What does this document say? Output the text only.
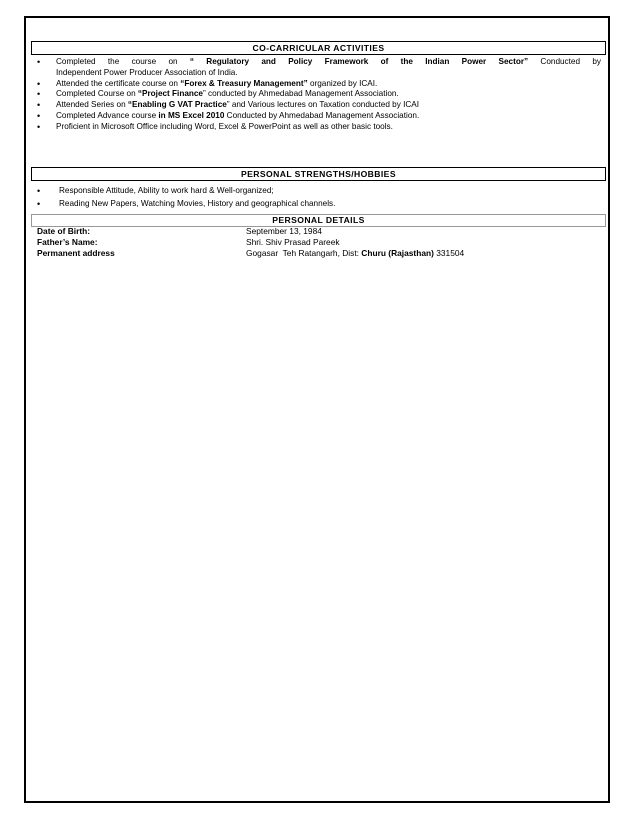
CO-CARRICULAR ACTIVITIES
• Completed the course on “ Regulatory and Policy Framework of the Indian Power Sector” Conducted by
Independent Power Producer Association of India.
• Attended the certificate course on “Forex & Treasury Management” organized by ICAI.
• Completed Course on “Project Finance” conducted by Ahmedabad Management Association.
• Attended Series on “Enabling G VAT Practice” and Various lectures on Taxation conducted by ICAI
• Completed Advance course in MS Excel 2010 Conducted by Ahmedabad Management Association.
• Proficient in Microsoft Office including Word, Excel & PowerPoint as well as other basic tools.
PERSONAL STRENGTHS/HOBBIES
• Responsible Attitude, Ability to work hard & Well-organized;
• Reading New Papers, Watching Movies, History and geographical channels.
PERSONAL DETAILS
Date of Birth:	September 13, 1984
Father’s Name:	Shri. Shiv Prasad Pareek
Permanent address	Gogasar  Teh Ratangarh, Dist: Churu (Rajasthan) 331504
